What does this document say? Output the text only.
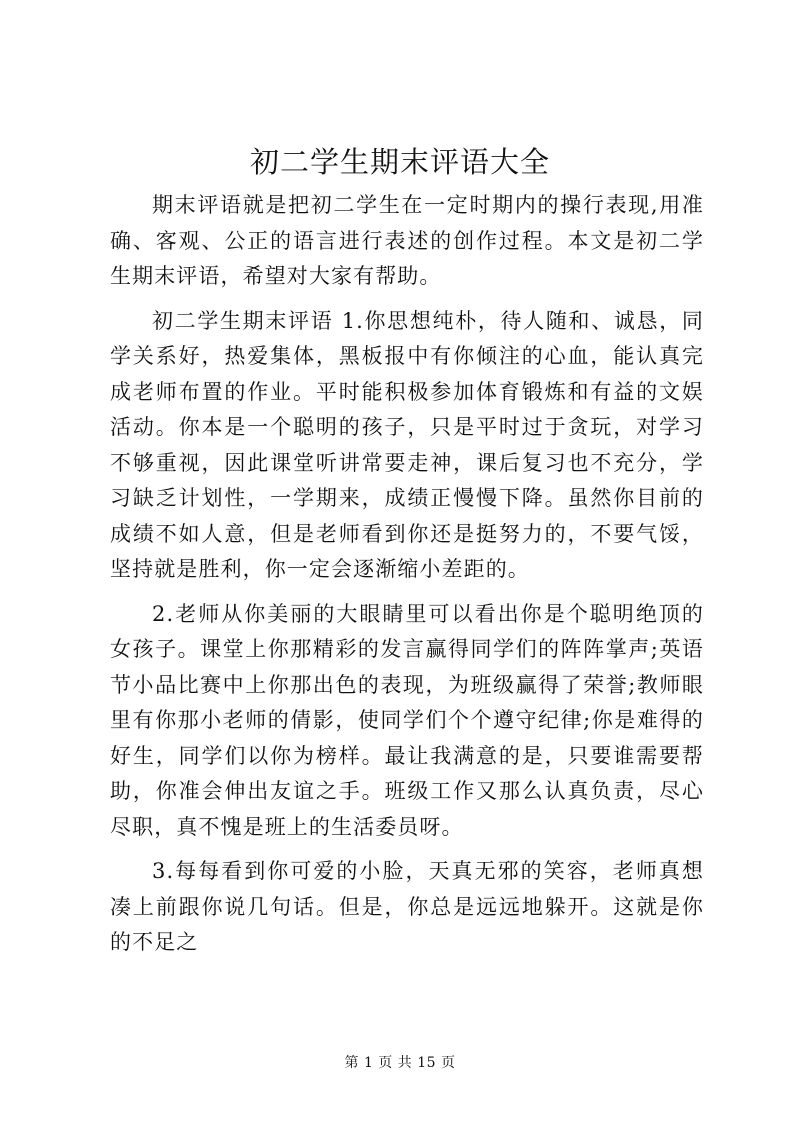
初二学生期末评语大全

期末评语就是把初二学生在一定时期内的操行表现,用准确、客观、公正的语言进行表述的创作过程。本文是初二学生期末评语，希望对大家有帮助。

初二学生期末评语 1.你思想纯朴，待人随和、诚恳，同学关系好，热爱集体，黑板报中有你倾注的心血，能认真完成老师布置的作业。平时能积极参加体育锻炼和有益的文娱活动。你本是一个聪明的孩子，只是平时过于贪玩，对学习不够重视，因此课堂听讲常要走神，课后复习也不充分，学习缺乏计划性，一学期来，成绩正慢慢下降。虽然你目前的成绩不如人意，但是老师看到你还是挺努力的，不要气馁，坚持就是胜利，你一定会逐渐缩小差距的。

2.老师从你美丽的大眼睛里可以看出你是个聪明绝顶的女孩子。课堂上你那精彩的发言赢得同学们的阵阵掌声;英语节小品比赛中上你那出色的表现，为班级赢得了荣誉;教师眼里有你那小老师的倩影，使同学们个个遵守纪律;你是难得的好生，同学们以你为榜样。最让我满意的是，只要谁需要帮助，你准会伸出友谊之手。班级工作又那么认真负责，尽心尽职，真不愧是班上的生活委员呀。

3.每每看到你可爱的小脸，天真无邪的笑容，老师真想凑上前跟你说几句话。但是，你总是远远地躲开。这就是你的不足之

第 1 页 共 15 页
